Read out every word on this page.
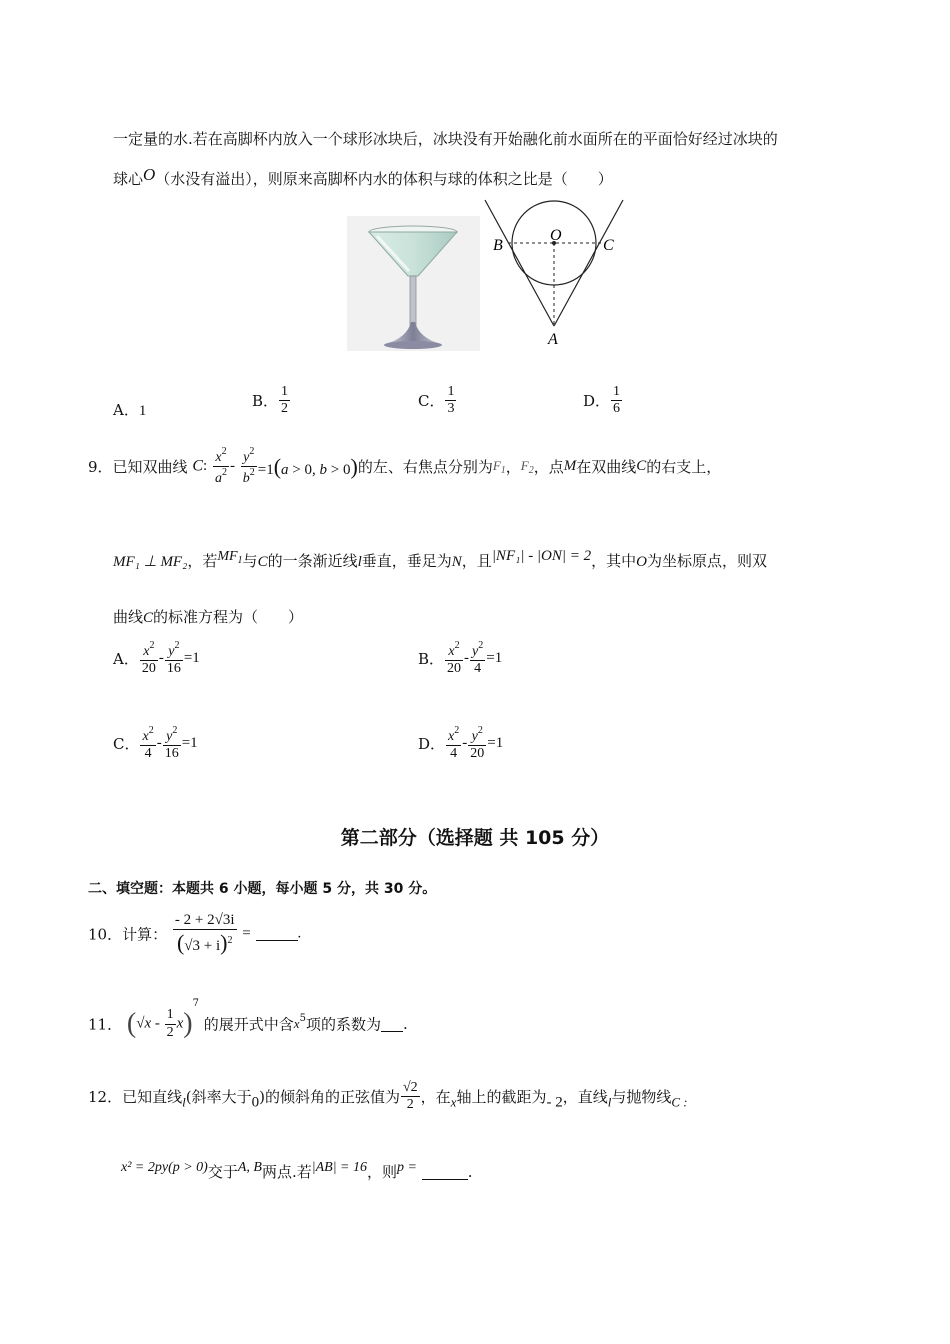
一定量的水.若在高脚杯内放入一个球形冰块后，冰块没有开始融化前水面所在的平面恰好经过冰块的
球心O（水没有溢出），则原来高脚杯内水的体积与球的体积之比是（　　）
O
B	C
A
A．1
B． $\frac{1}{2}$	C． $\frac{1}{3}$	D． $\frac{1}{6}$
9．已知双曲线 C: $\frac{x^2}{a^2} - \frac{y^2}{b^2} =1(a > 0$, b > 0)的左、右焦点分别为$F_1$，$F_2$，点M在双曲线C的右支上，
MF₁ ⊥ MF₂，若$MF_1$与C的一条渐近线l垂直，垂足为N，且|NF₁| - |ON| = 2，其中O为坐标原点，则双
曲线C的标准方程为（　　）
A． $\frac{x^2}{20} - \frac{y^2}{16} =1$	B． $\frac{x^2}{20} - \frac{y^2}{4} =1$
C． $\frac{x^2}{4} - \frac{y^2}{16} =1$	D． $\frac{x^2}{4} - \frac{y^2}{20} =1$
第二部分（选择题 共 105 分）
二、填空题：本题共 6 小题，每小题 5 分，共 30 分。
10．计算： $\frac{- 2 + 2√3i}{(√3 + i)^2}$ =	.
11． $(√x - \frac{1}{2} x)^7$ 的展开式中含$x^5$项的系数为 .
12．已知直线l(斜率大于0)的倾斜角的正弦值为 $\frac{√2}{2}$ ，在x轴上的截距为- 2，直线l与抛物线C :
x² = 2py(p > 0)交于A, B两点.若|AB| = 16，则p =	.
